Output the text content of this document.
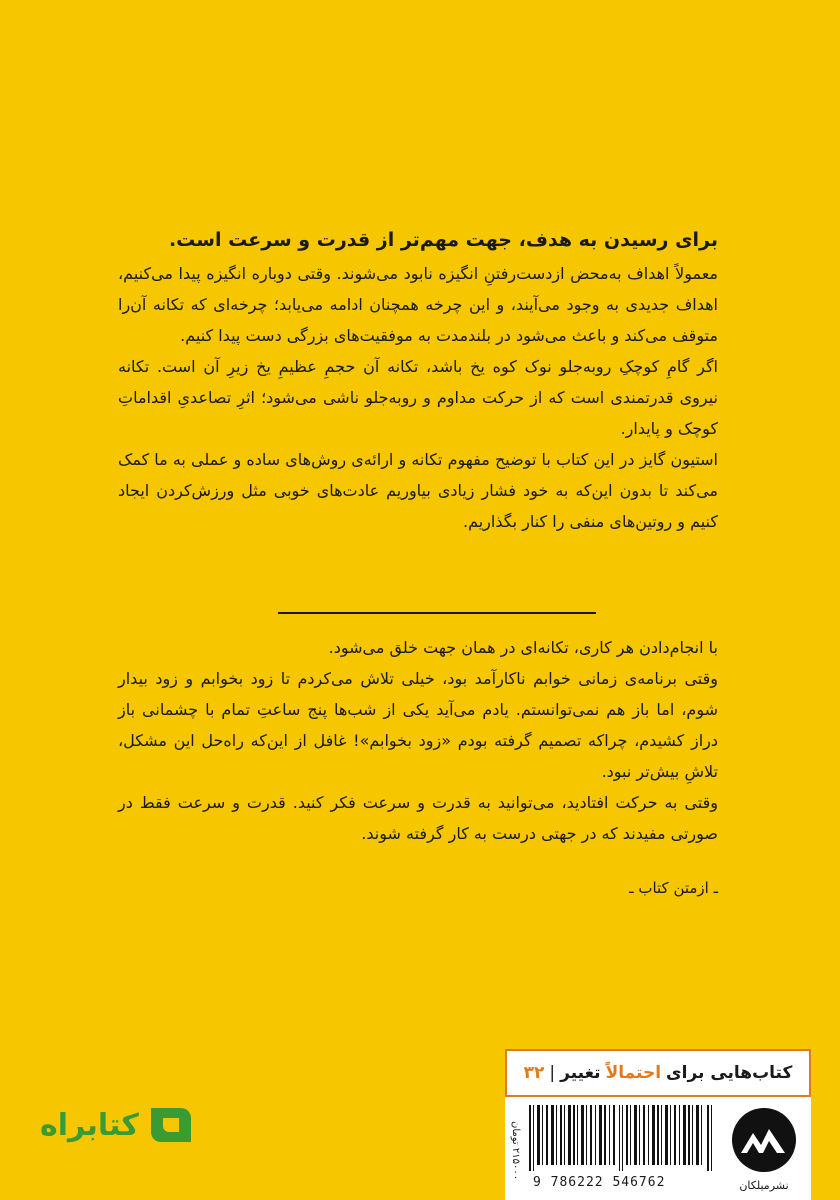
برای رسیدن به هدف، جهت مهم‌تر از قدرت و سرعت است.

معمولاً اهداف به‌محض ازدست‌رفتنِ انگیزه نابود می‌شوند. وقتی دوباره انگیزه پیدا می‌کنیم، اهداف جدیدی به وجود می‌آیند، و این چرخه همچنان ادامه می‌یابد؛ چرخه‌ای که تکانه آن‌را متوقف می‌کند و باعث می‌شود در بلندمدت به موفقیت‌های بزرگی دست پیدا کنیم.

اگر گامِ کوچکِ روبه‌جلو نوک کوه یخ باشد، تکانه آن حجمِ عظیمِ یخ زیرِ آن است. تکانه نیروی قدرتمندی است که از حرکت مداوم و روبه‌جلو ناشی می‌شود؛ اثرِ تصاعدیِ اقداماتِ کوچک و پایدار.

استیون گایز در این کتاب با توضیح مفهوم تکانه و ارائه‌ی روش‌های ساده و عملی به ما کمک می‌کند تا بدون این‌که به خود فشار زیادی بیاوریم عادت‌های خوبی مثل ورزش‌کردن ایجاد کنیم و روتین‌های منفی را کنار بگذاریم.

با انجام‌دادن هر کاری، تکانه‌ای در همان جهت خلق می‌شود.

وقتی برنامه‌ی زمانی خوابم ناکارآمد بود، خیلی تلاش می‌کردم تا زود بخوابم و زود بیدار شوم، اما باز هم نمی‌توانستم. یادم می‌آید یکی از شب‌ها پنج ساعتِ تمام با چشمانی باز دراز کشیدم، چراکه تصمیم گرفته بودم «زود بخوابم»! غافل از این‌که راه‌حل این مشکل، تلاشِ بیش‌تر نبود.

وقتی به حرکت افتادید، می‌توانید به قدرت و سرعت فکر کنید. قدرت و سرعت فقط در صورتی مفیدند که در جهتی درست به کار گرفته شوند.

ـ ازمتن کتاب ـ
کتاب‌هایی برای
احتمالاً
تغییر
|
۳۲
۲۱۵۰۰۰ تومان
9 786222 546762	نشرمیلکان
کتابراه
